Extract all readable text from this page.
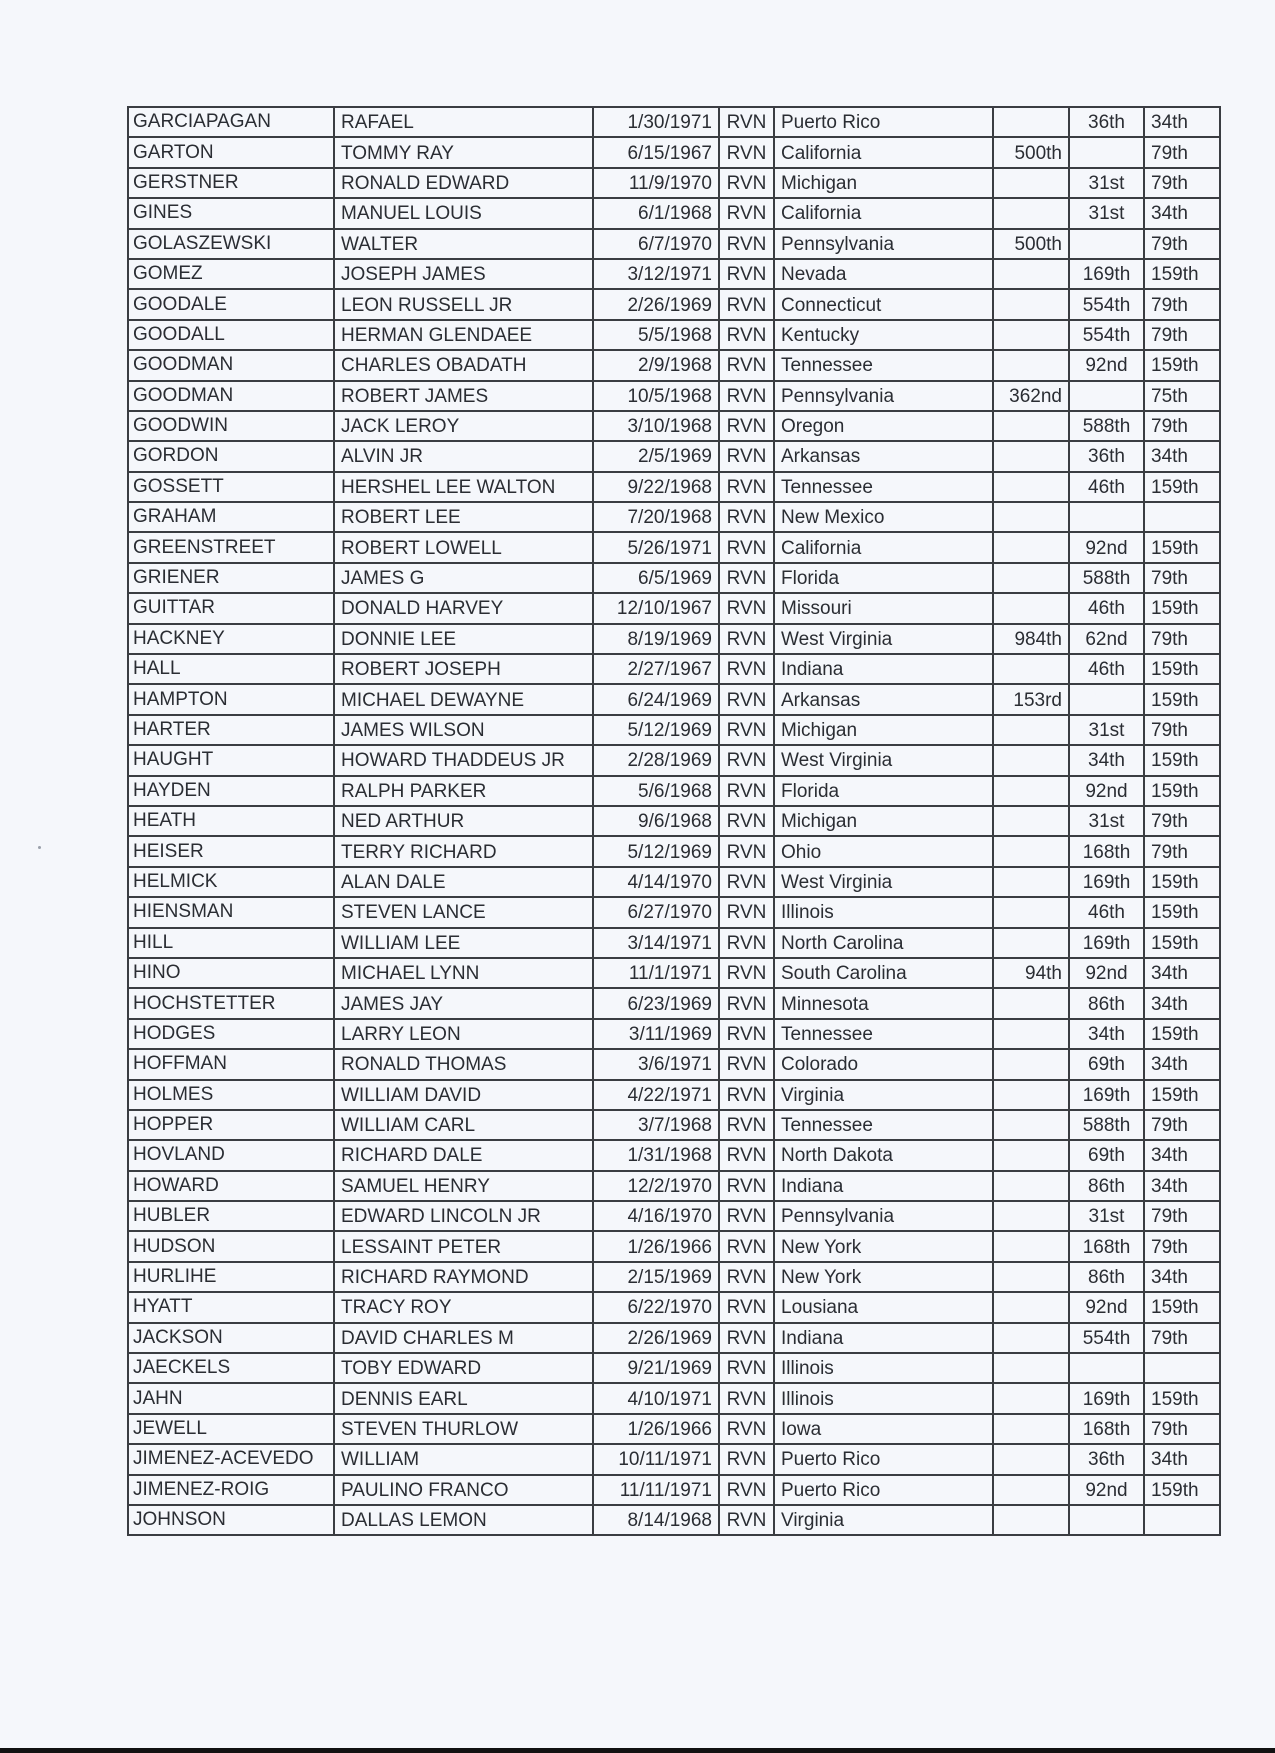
GARCIAPAGAN	RAFAEL	1/30/1971	RVN	Puerto Rico		36th	34th
GARTON	TOMMY RAY	6/15/1967	RVN	California	500th		79th
GERSTNER	RONALD EDWARD	11/9/1970	RVN	Michigan		31st	79th
GINES	MANUEL LOUIS	6/1/1968	RVN	California		31st	34th
GOLASZEWSKI	WALTER	6/7/1970	RVN	Pennsylvania	500th		79th
GOMEZ	JOSEPH JAMES	3/12/1971	RVN	Nevada		169th	159th
GOODALE	LEON RUSSELL JR	2/26/1969	RVN	Connecticut		554th	79th
GOODALL	HERMAN GLENDAEE	5/5/1968	RVN	Kentucky		554th	79th
GOODMAN	CHARLES OBADATH	2/9/1968	RVN	Tennessee		92nd	159th
GOODMAN	ROBERT JAMES	10/5/1968	RVN	Pennsylvania	362nd		75th
GOODWIN	JACK LEROY	3/10/1968	RVN	Oregon		588th	79th
GORDON	ALVIN JR	2/5/1969	RVN	Arkansas		36th	34th
GOSSETT	HERSHEL LEE WALTON	9/22/1968	RVN	Tennessee		46th	159th
GRAHAM	ROBERT LEE	7/20/1968	RVN	New Mexico			
GREENSTREET	ROBERT LOWELL	5/26/1971	RVN	California		92nd	159th
GRIENER	JAMES G	6/5/1969	RVN	Florida		588th	79th
GUITTAR	DONALD HARVEY	12/10/1967	RVN	Missouri		46th	159th
HACKNEY	DONNIE LEE	8/19/1969	RVN	West Virginia	984th	62nd	79th
HALL	ROBERT JOSEPH	2/27/1967	RVN	Indiana		46th	159th
HAMPTON	MICHAEL DEWAYNE	6/24/1969	RVN	Arkansas	153rd		159th
HARTER	JAMES WILSON	5/12/1969	RVN	Michigan		31st	79th
HAUGHT	HOWARD THADDEUS JR	2/28/1969	RVN	West Virginia		34th	159th
HAYDEN	RALPH PARKER	5/6/1968	RVN	Florida		92nd	159th
HEATH	NED ARTHUR	9/6/1968	RVN	Michigan		31st	79th
HEISER	TERRY RICHARD	5/12/1969	RVN	Ohio		168th	79th
HELMICK	ALAN DALE	4/14/1970	RVN	West Virginia		169th	159th
HIENSMAN	STEVEN LANCE	6/27/1970	RVN	Illinois		46th	159th
HILL	WILLIAM LEE	3/14/1971	RVN	North Carolina		169th	159th
HINO	MICHAEL LYNN	11/1/1971	RVN	South Carolina	94th	92nd	34th
HOCHSTETTER	JAMES JAY	6/23/1969	RVN	Minnesota		86th	34th
HODGES	LARRY LEON	3/11/1969	RVN	Tennessee		34th	159th
HOFFMAN	RONALD THOMAS	3/6/1971	RVN	Colorado		69th	34th
HOLMES	WILLIAM DAVID	4/22/1971	RVN	Virginia		169th	159th
HOPPER	WILLIAM CARL	3/7/1968	RVN	Tennessee		588th	79th
HOVLAND	RICHARD DALE	1/31/1968	RVN	North Dakota		69th	34th
HOWARD	SAMUEL HENRY	12/2/1970	RVN	Indiana		86th	34th
HUBLER	EDWARD LINCOLN JR	4/16/1970	RVN	Pennsylvania		31st	79th
HUDSON	LESSAINT PETER	1/26/1966	RVN	New York		168th	79th
HURLIHE	RICHARD RAYMOND	2/15/1969	RVN	New York		86th	34th
HYATT	TRACY ROY	6/22/1970	RVN	Lousiana		92nd	159th
JACKSON	DAVID CHARLES M	2/26/1969	RVN	Indiana		554th	79th
JAECKELS	TOBY EDWARD	9/21/1969	RVN	Illinois			
JAHN	DENNIS EARL	4/10/1971	RVN	Illinois		169th	159th
JEWELL	STEVEN THURLOW	1/26/1966	RVN	Iowa		168th	79th
JIMENEZ-ACEVEDO	WILLIAM	10/11/1971	RVN	Puerto Rico		36th	34th
JIMENEZ-ROIG	PAULINO FRANCO	11/11/1971	RVN	Puerto Rico		92nd	159th
JOHNSON	DALLAS LEMON	8/14/1968	RVN	Virginia			
